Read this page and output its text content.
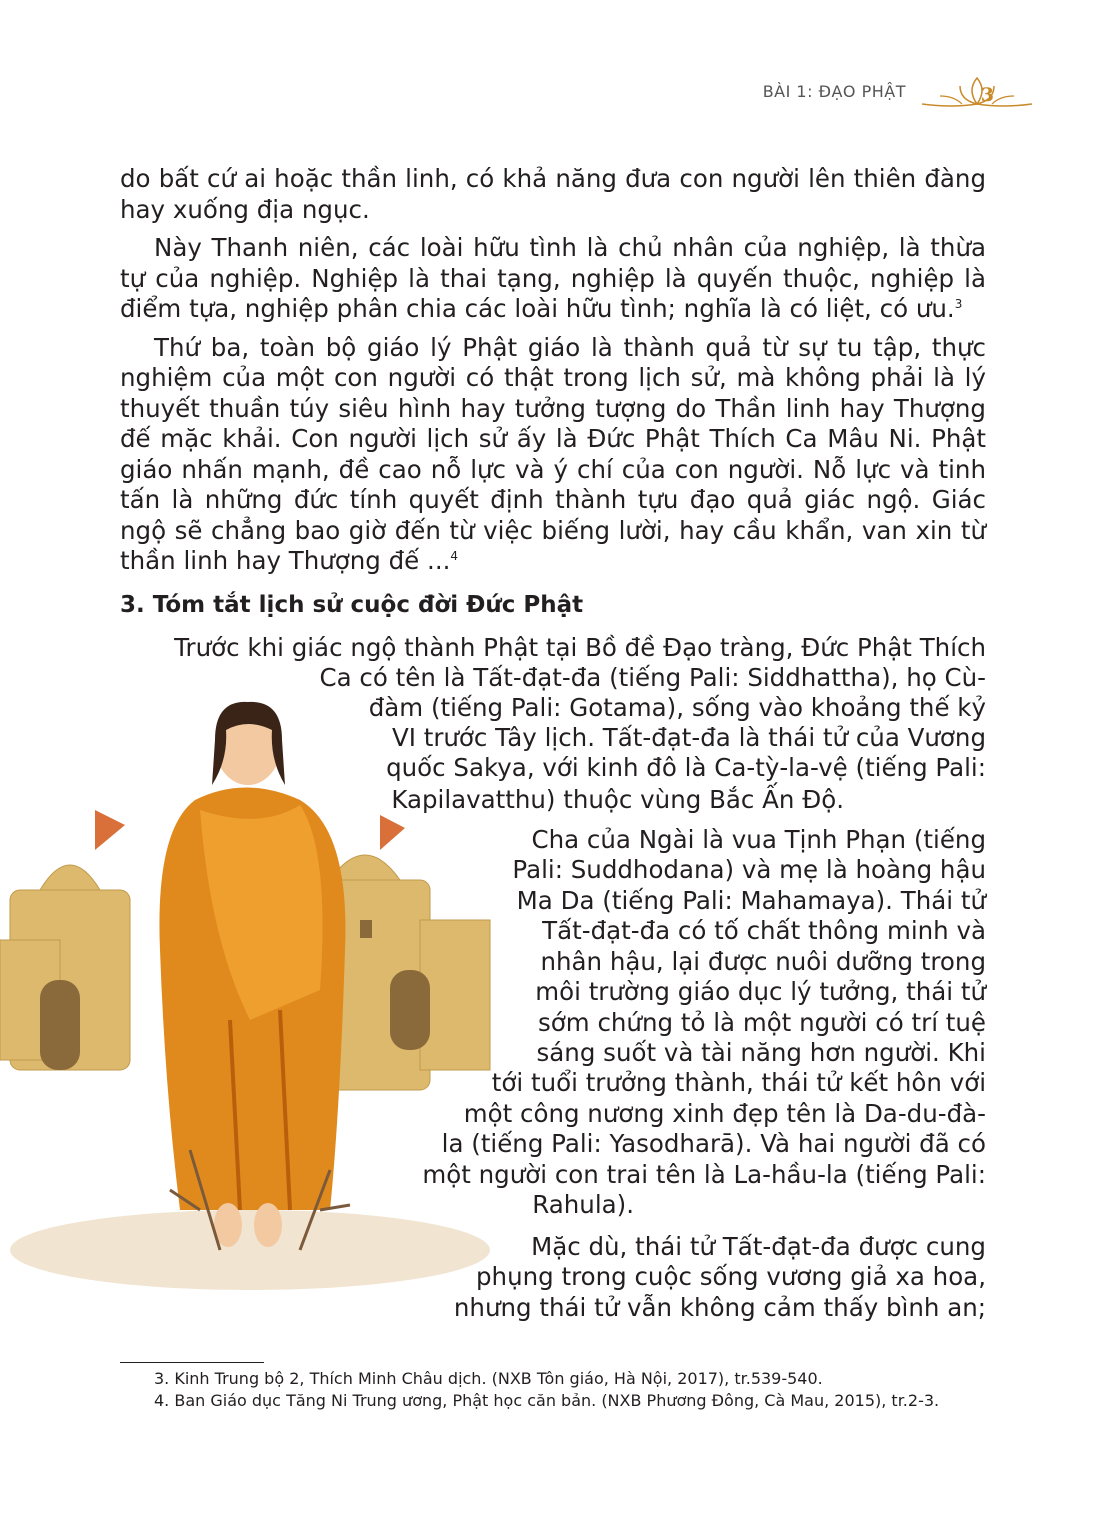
BÀI 1: ĐẠO PHẬT	3

do bất cứ ai hoặc thần linh, có khả năng đưa con người lên thiên đàng hay xuống địa ngục.

Này Thanh niên, các loài hữu tình là chủ nhân của nghiệp, là thừa tự của nghiệp. Nghiệp là thai tạng, nghiệp là quyến thuộc, nghiệp là điểm tựa, nghiệp phân chia các loài hữu tình; nghĩa là có liệt, có ưu.$^3$

Thứ ba, toàn bộ giáo lý Phật giáo là thành quả từ sự tu tập, thực nghiệm của một con người có thật trong lịch sử, mà không phải là lý thuyết thuần túy siêu hình hay tưởng tượng do Thần linh hay Thượng đế mặc khải. Con người lịch sử ấy là Đức Phật Thích Ca Mâu Ni. Phật giáo nhấn mạnh, đề cao nỗ lực và ý chí của con người. Nỗ lực và tinh tấn là những đức tính quyết định thành tựu đạo quả giác ngộ. Giác ngộ sẽ chẳng bao giờ đến từ việc biếng lười, hay cầu khẩn, van xin từ thần linh hay Thượng đế ...$^4$

3. Tóm tắt lịch sử cuộc đời Đức Phật
Trước khi giác ngộ thành Phật tại Bồ đề Đạo tràng, Đức Phật Thích
Ca có tên là Tất-đạt-đa (tiếng Pali: Siddhattha), họ Cù-
đàm (tiếng Pali: Gotama), sống vào khoảng thế kỷ
VI trước Tây lịch. Tất-đạt-đa là thái tử của Vương
quốc Sakya, với kinh đô là Ca-tỳ-la-vệ (tiếng Pali:
Kapilavatthu) thuộc vùng Bắc Ấn Độ.
Cha của Ngài là vua Tịnh Phạn (tiếng
Pali: Suddhodana) và mẹ là hoàng hậu
Ma Da (tiếng Pali: Mahamaya). Thái tử
Tất-đạt-đa có tố chất thông minh và
nhân hậu, lại được nuôi dưỡng trong
môi trường giáo dục lý tưởng, thái tử
sớm chứng tỏ là một người có trí tuệ
sáng suốt và tài năng hơn người. Khi
tới tuổi trưởng thành, thái tử kết hôn với
một công nương xinh đẹp tên là Da-du-đà-
la (tiếng Pali: Yasodharā). Và hai người đã có
một người con trai tên là La-hầu-la (tiếng Pali:
Rahula).
Mặc dù, thái tử Tất-đạt-đa được cung
phụng trong cuộc sống vương giả xa hoa,
nhưng thái tử vẫn không cảm thấy bình an;

3. Kinh Trung bộ 2, Thích Minh Châu dịch. (NXB Tôn giáo, Hà Nội, 2017), tr.539-540.

4. Ban Giáo dục Tăng Ni Trung ương, Phật học căn bản. (NXB Phương Đông, Cà Mau, 2015), tr.2-3.
